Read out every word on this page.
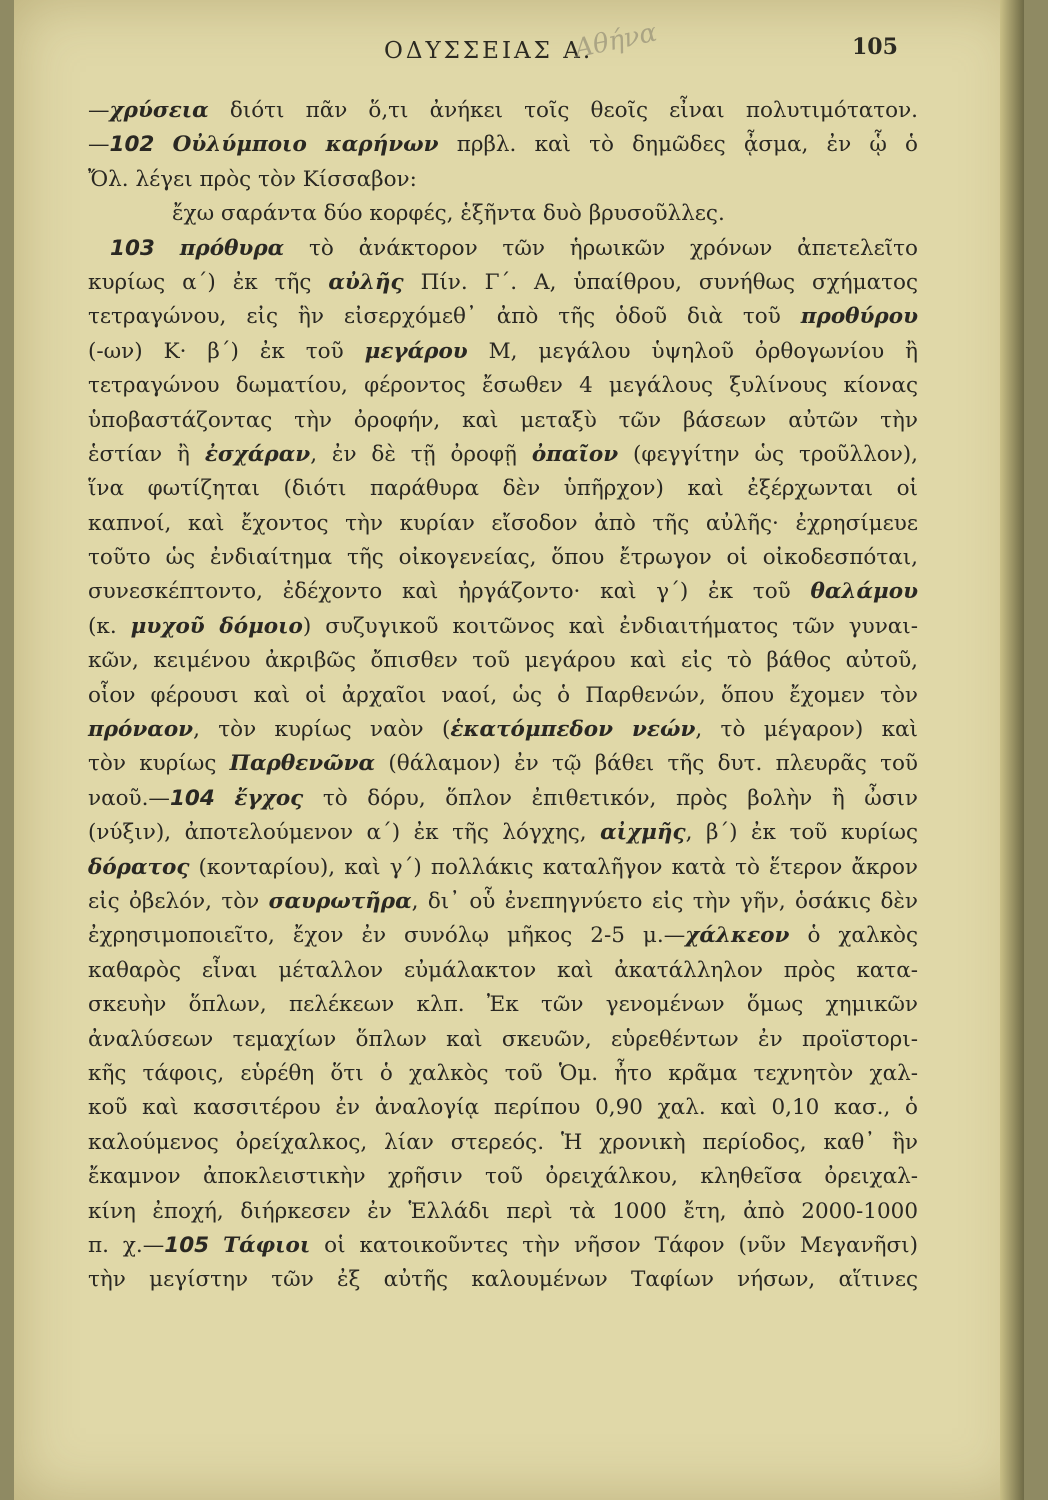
ΟΔΥΣΣΕΙΑΣ Α.
Αθήνα	105
—χρύσεια διότι πᾶν ὅ,τι ἀνήκει τοῖς θεοῖς εἶναι πολυτιμότατον.
—102 Οὐλύμποιο καρήνων πρβλ. καὶ τὸ δημῶδες ᾆσμα, ἐν ᾧ ὁ
Ὄλ. λέγει πρὸς τὸν Κίσσαβον:
ἔχω σαράντα δύο κορφές, ἑξῆντα δυὸ βρυσοῦλλες.
103 πρόθυρα τὸ ἀνάκτορον τῶν ἡρωικῶν χρόνων ἀπετελεῖτο
κυρίως α΄) ἐκ τῆς αὐλῆς Πίν. Γ΄. Α, ὑπαίθρου, συνήθως σχήματος
τετραγώνου, εἰς ἣν εἰσερχόμεθ᾿ ἀπὸ τῆς ὁδοῦ διὰ τοῦ προθύρου
(-ων) Κ· β΄) ἐκ τοῦ μεγάρου Μ, μεγάλου ὑψηλοῦ ὀρθογωνίου ἢ
τετραγώνου δωματίου, φέροντος ἔσωθεν 4 μεγάλους ξυλίνους κίονας
ὑποβαστάζοντας τὴν ὀροφήν, καὶ μεταξὺ τῶν βάσεων αὐτῶν τὴν
ἑστίαν ἢ ἐσχάραν, ἐν δὲ τῇ ὀροφῇ ὀπαῖον (φεγγίτην ὡς τροῦλλον),
ἵνα φωτίζηται (διότι παράθυρα δὲν ὑπῆρχον) καὶ ἐξέρχωνται οἱ
καπνοί, καὶ ἔχοντος τὴν κυρίαν εἴσοδον ἀπὸ τῆς αὐλῆς· ἐχρησίμευε
τοῦτο ὡς ἐνδιαίτημα τῆς οἰκογενείας, ὅπου ἔτρωγον οἱ οἰκοδεσπόται,
συνεσκέπτοντο, ἐδέχοντο καὶ ἠργάζοντο· καὶ γ΄) ἐκ τοῦ θαλάμου
(κ. μυχοῦ δόμοιο) συζυγικοῦ κοιτῶνος καὶ ἐνδιαιτήματος τῶν γυναι-
κῶν, κειμένου ἀκριβῶς ὄπισθεν τοῦ μεγάρου καὶ εἰς τὸ βάθος αὐτοῦ,
οἷον φέρουσι καὶ οἱ ἀρχαῖοι ναοί, ὡς ὁ Παρθενών, ὅπου ἔχομεν τὸν
πρόναον, τὸν κυρίως ναὸν (ἑκατόμπεδον νεών, τὸ μέγαρον) καὶ
τὸν κυρίως Παρθενῶνα (θάλαμον) ἐν τῷ βάθει τῆς δυτ. πλευρᾶς τοῦ
ναοῦ.—104 ἔγχος τὸ δόρυ, ὅπλον ἐπιθετικόν, πρὸς βολὴν ἢ ὦσιν
(νύξιν), ἀποτελούμενον α΄) ἐκ τῆς λόγχης, αἰχμῆς, β΄) ἐκ τοῦ κυρίως
δόρατος (κονταρίου), καὶ γ΄) πολλάκις καταλῆγον κατὰ τὸ ἕτερον ἄκρον
εἰς ὀβελόν, τὸν σαυρωτῆρα, δι᾿ οὗ ἐνεπηγνύετο εἰς τὴν γῆν, ὁσάκις δὲν
ἐχρησιμοποιεῖτο, ἔχον ἐν συνόλῳ μῆκος 2-5 μ.—χάλκεον ὁ χαλκὸς
καθαρὸς εἶναι μέταλλον εὐμάλακτον καὶ ἀκατάλληλον πρὸς κατα-
σκευὴν ὅπλων, πελέκεων κλπ. Ἐκ τῶν γενομένων ὅμως χημικῶν
ἀναλύσεων τεμαχίων ὅπλων καὶ σκευῶν, εὑρεθέντων ἐν προϊστορι-
κῆς τάφοις, εὑρέθη ὅτι ὁ χαλκὸς τοῦ Ὁμ. ἦτο κρᾶμα τεχνητὸν χαλ-
κοῦ καὶ κασσιτέρου ἐν ἀναλογίᾳ περίπου 0,90 χαλ. καὶ 0,10 κασ., ὁ
καλούμενος ὀρείχαλκος, λίαν στερεός. Ἡ χρονικὴ περίοδος, καθ᾿ ἣν
ἔκαμνον ἀποκλειστικὴν χρῆσιν τοῦ ὀρειχάλκου, κληθεῖσα ὀρειχαλ-
κίνη ἐποχή, διήρκεσεν ἐν Ἑλλάδι περὶ τὰ 1000 ἔτη, ἀπὸ 2000-1000
π. χ.—105 Τάφιοι οἱ κατοικοῦντες τὴν νῆσον Τάφον (νῦν Μεγανῆσι)
τὴν μεγίστην τῶν ἐξ αὐτῆς καλουμένων Ταφίων νήσων, αἵτινες
